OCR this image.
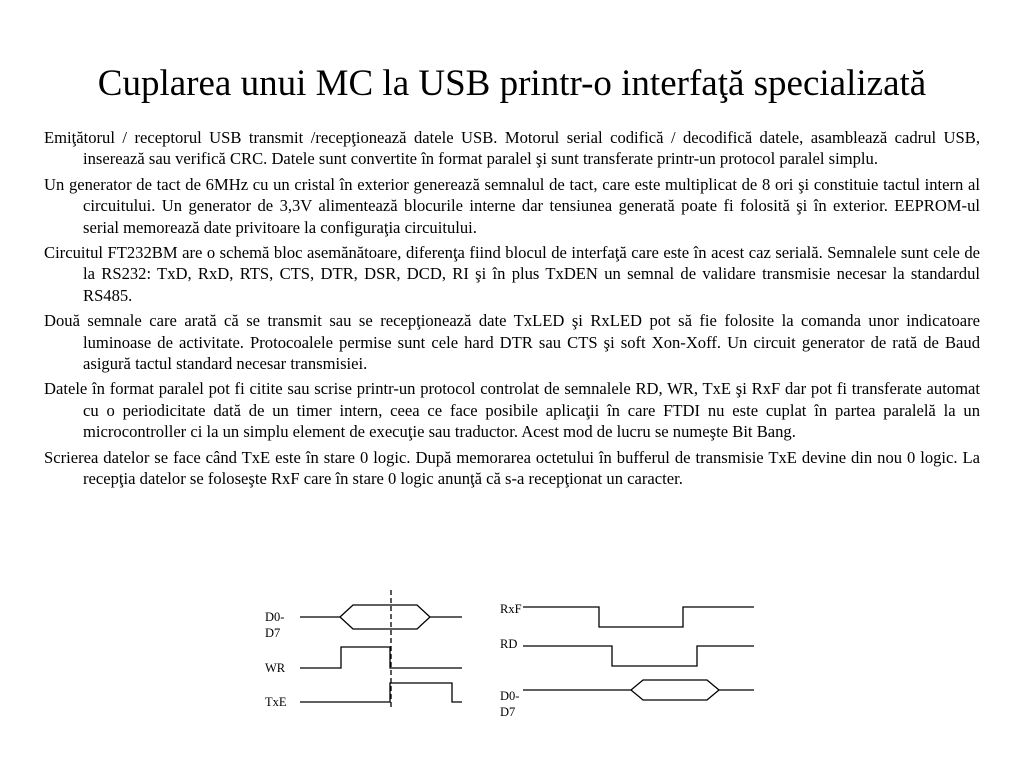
Cuplarea unui MC la USB printr-o interfaţă specializată

Emiţătorul / receptorul USB transmit /recepţionează datele USB. Motorul serial codifică / decodifică datele, asamblează cadrul USB, inserează sau verifică CRC. Datele sunt convertite în format paralel şi sunt transferate printr-un protocol paralel simplu.

Un generator de tact de 6MHz cu un cristal în exterior generează semnalul de tact, care este multiplicat de 8 ori şi constituie tactul intern al circuitului. Un generator de 3,3V alimentează blocurile interne dar tensiunea generată poate fi folosită şi în exterior. EEPROM-ul serial memorează date privitoare la configuraţia circuitului.

Circuitul FT232BM are o schemă bloc asemănătoare, diferenţa fiind blocul de interfaţă care este în acest caz serială. Semnalele sunt cele de la RS232: TxD, RxD, RTS, CTS, DTR, DSR, DCD, RI şi în plus TxDEN un semnal de validare transmisie necesar la standardul RS485.

Două semnale care arată că se transmit sau se recepţionează date TxLED şi RxLED pot să fie folosite la comanda unor indicatoare luminoase de activitate. Protocoalele permise sunt cele hard DTR sau CTS şi soft Xon-Xoff. Un circuit generator de rată de Baud asigură tactul standard necesar transmisiei.

Datele în format paralel pot fi citite sau scrise printr-un protocol controlat de semnalele RD, WR, TxE şi RxF dar pot fi transferate automat cu o periodicitate dată de un timer intern, ceea ce face posibile aplicaţii în care FTDI nu este cuplat în partea paralelă la un microcontroller ci la un simplu element de execuţie sau traductor. Acest mod de lucru se numeşte Bit Bang.

Scrierea datelor se face când TxE este în stare 0 logic. După memorarea octetului în bufferul de transmisie TxE devine din nou 0 logic. La recepţia datelor se foloseşte RxF care în stare 0 logic anunţă că s-a recepţionat un caracter.

D0-D7
WR
TxE
RxF
RD
D0-D7
